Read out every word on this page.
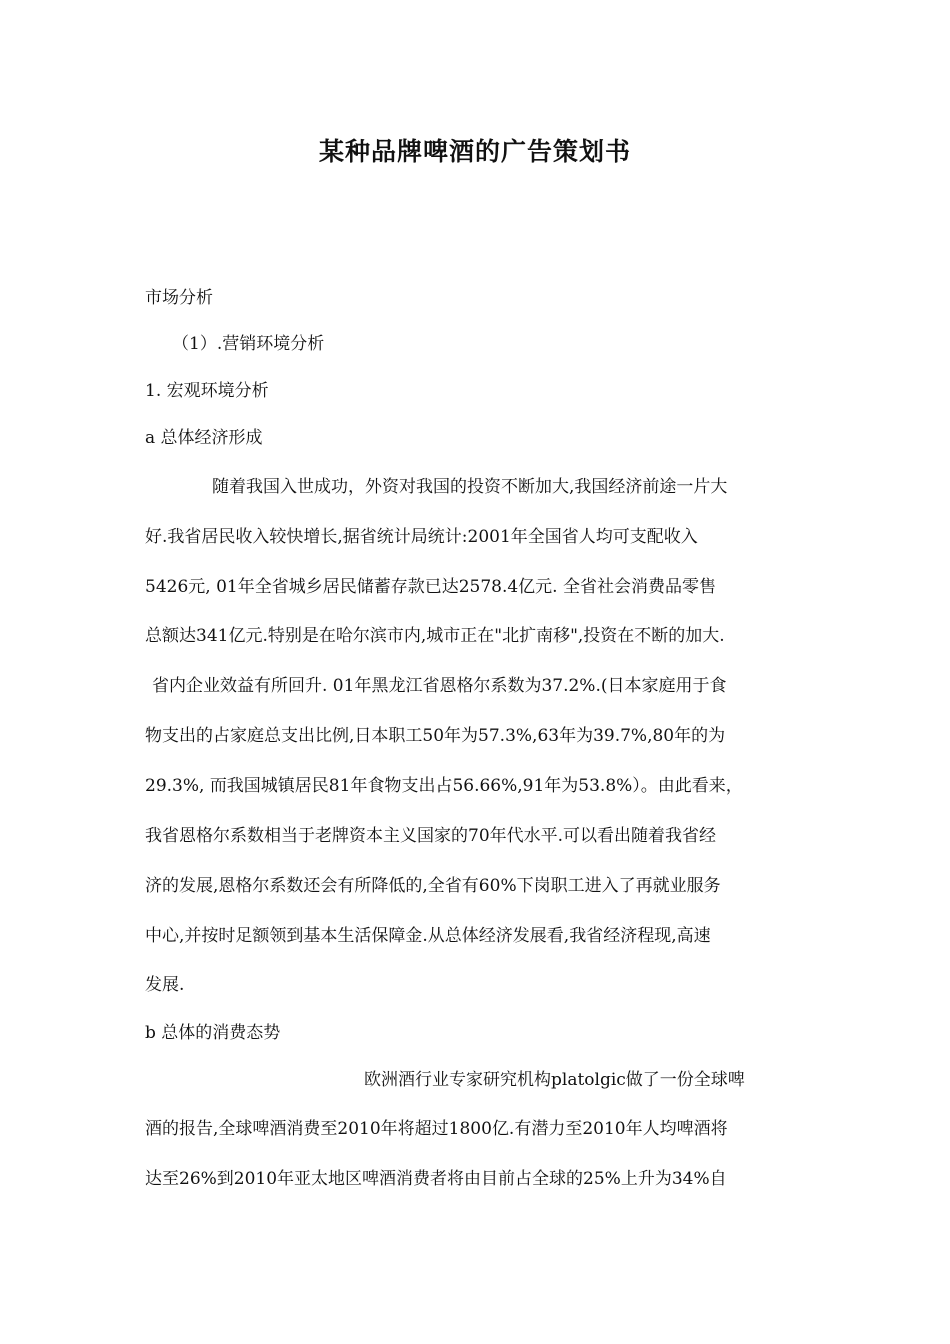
某种品牌啤酒的广告策划书
市场分析
（1）.营销环境分析
1. 宏观环境分析
a 总体经济形成
随着我国入世成功，外资对我国的投资不断加大,我国经济前途一片大
好.我省居民收入较快增长,据省统计局统计:2001年全国省人均可支配收入
5426元, 01年全省城乡居民储蓄存款已达2578.4亿元. 全省社会消费品零售
总额达341亿元.特别是在哈尔滨市内,城市正在"北扩南移",投资在不断的加大.
省内企业效益有所回升. 01年黑龙江省恩格尔系数为37.2%.(日本家庭用于食
物支出的占家庭总支出比例,日本职工50年为57.3%,63年为39.7%,80年的为
29.3%, 而我国城镇居民81年食物支出占56.66%,91年为53.8%）。由此看来，
我省恩格尔系数相当于老牌资本主义国家的70年代水平.可以看出随着我省经
济的发展,恩格尔系数还会有所降低的,全省有60%下岗职工进入了再就业服务
中心,并按时足额领到基本生活保障金.从总体经济发展看,我省经济程现,高速
发展.
b 总体的消费态势
欧洲酒行业专家研究机构platolgic做了一份全球啤
酒的报告,全球啤酒消费至2010年将超过1800亿.有潜力至2010年人均啤酒将
达至26%到2010年亚太地区啤酒消费者将由目前占全球的25%上升为34%自
